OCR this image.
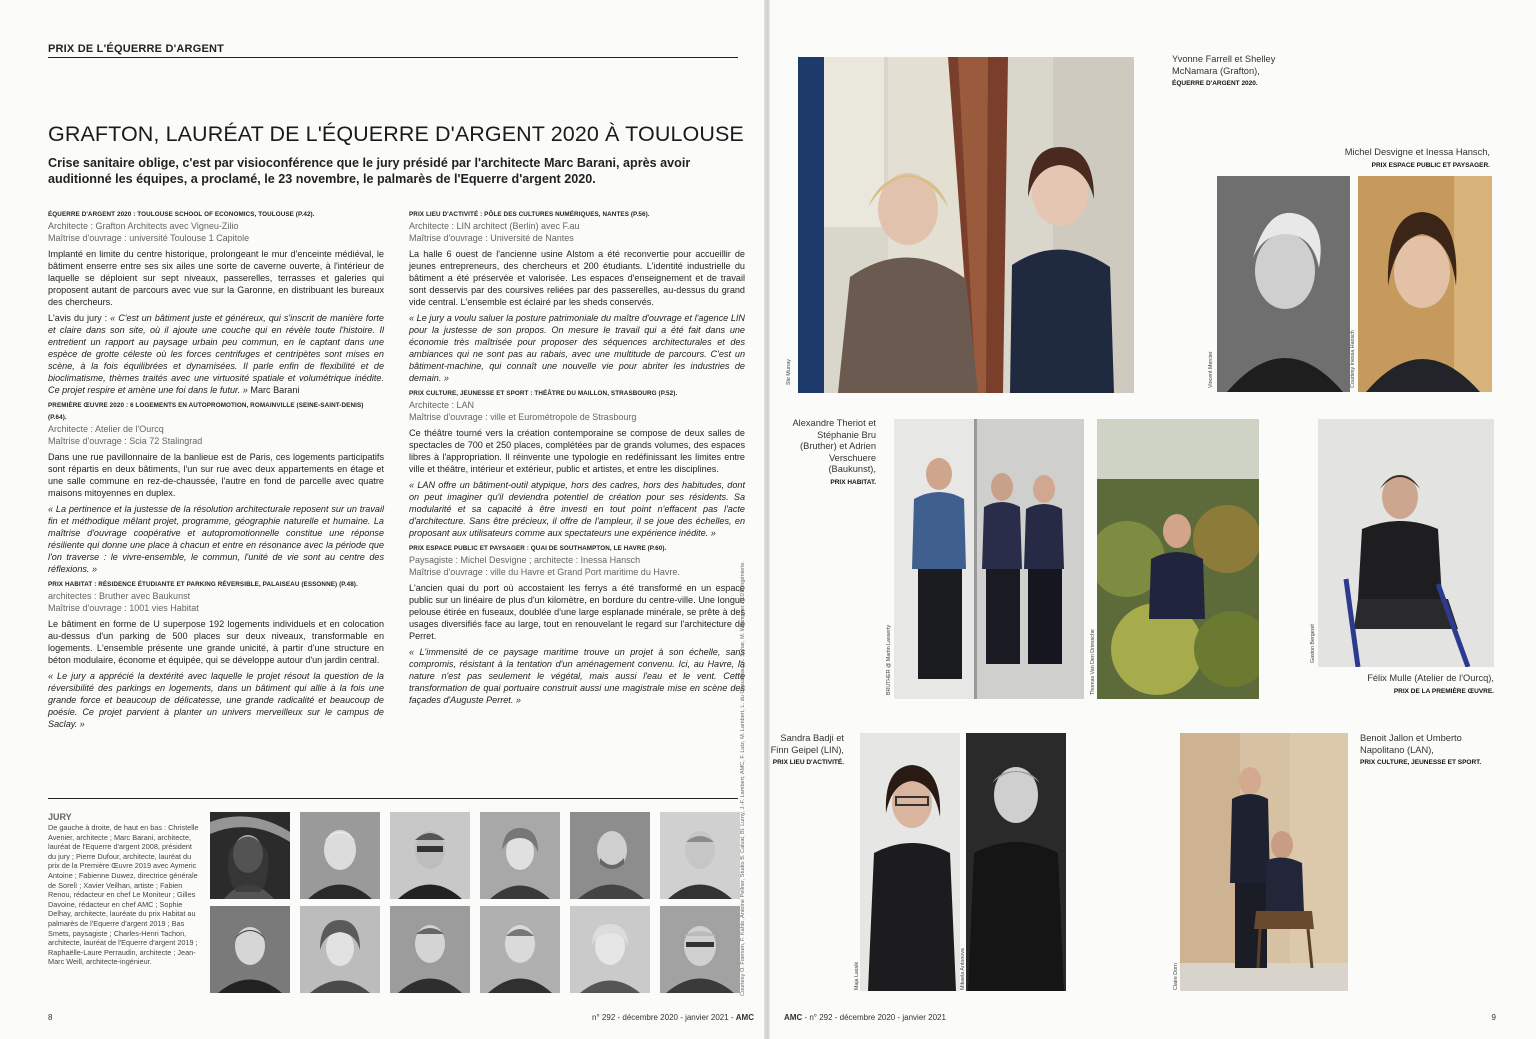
PRIX DE L'ÉQUERRE D'ARGENT
GRAFTON, LAURÉAT DE L'ÉQUERRE D'ARGENT 2020 À TOULOUSE

Crise sanitaire oblige, c'est par visioconférence que le jury présidé par l'architecte Marc Barani, après avoir auditionné les équipes, a proclamé, le 23 novembre, le palmarès de l'Equerre d'argent 2020.

ÉQUERRE D'ARGENT 2020 : TOULOUSE SCHOOL OF ECONOMICS, TOULOUSE (P.42).
Architecte : Grafton Architects avec Vigneu-Zilio
Maîtrise d'ouvrage : université Toulouse 1 Capitole

Implanté en limite du centre historique, prolongeant le mur d'enceinte médiéval, le bâtiment enserre entre ses six ailes une sorte de caverne ouverte, à l'intérieur de laquelle se déploient sur sept niveaux, passerelles, terrasses et galeries qui proposent autant de parcours avec vue sur la Garonne, en distribuant les bureaux des chercheurs.

L'avis du jury : « C'est un bâtiment juste et généreux, qui s'inscrit de manière forte et claire dans son site, où il ajoute une couche qui en révèle toute l'histoire. Il entretient un rapport au paysage urbain peu commun, en le captant dans une espèce de grotte céleste où les forces centrifuges et centripètes sont mises en scène, à la fois équilibrées et dynamisées. Il parle enfin de flexibilité et de bioclimatisme, thèmes traités avec une virtuosité spatiale et volumétrique inédite. Ce projet respire et amène une foi dans le futur. » Marc Barani

PREMIÈRE ŒUVRE 2020 : 6 LOGEMENTS EN AUTOPROMOTION, ROMAINVILLE (SEINE-SAINT-DENIS) (P.64).
Architecte : Atelier de l'Ourcq
Maîtrise d'ouvrage : Scia 72 Stalingrad

Dans une rue pavillonnaire de la banlieue est de Paris, ces logements participatifs sont répartis en deux bâtiments, l'un sur rue avec deux appartements en étage et une salle commune en rez-de-chaussée, l'autre en fond de parcelle avec quatre maisons mitoyennes en duplex.

« La pertinence et la justesse de la résolution architecturale reposent sur un travail fin et méthodique mêlant projet, programme, géographie naturelle et humaine. La maîtrise d'ouvrage coopérative et autopromotionnelle constitue une réponse résiliente qui donne une place à chacun et entre en résonance avec la période que l'on traverse : le vivre-ensemble, le commun, l'unité de vie sont au centre des réflexions. »

PRIX HABITAT : RÉSIDENCE ÉTUDIANTE ET PARKING RÉVERSIBLE, PALAISEAU (ESSONNE) (P.48).
architectes : Bruther avec Baukunst
Maîtrise d'ouvrage : 1001 vies Habitat

Le bâtiment en forme de U superpose 192 logements individuels et en colocation au-dessus d'un parking de 500 places sur deux niveaux, transformable en logements. L'ensemble présente une grande unicité, à partir d'une structure en béton modulaire, économe et équipée, qui se développe autour d'un jardin central.

« Le jury a apprécié la dextérité avec laquelle le projet résout la question de la réversibilité des parkings en logements, dans un bâtiment qui allie à la fois une grande force et beaucoup de délicatesse, une grande radicalité et beaucoup de poésie. Ce projet parvient à planter un univers merveilleux sur le campus de Saclay. »

PRIX LIEU D'ACTIVITÉ : PÔLE DES CULTURES NUMÉRIQUES, NANTES (P.56).
Architecte : LIN architect (Berlin) avec F.au
Maîtrise d'ouvrage : Université de Nantes

La halle 6 ouest de l'ancienne usine Alstom a été reconvertie pour accueillir de jeunes entrepreneurs, des chercheurs et 200 étudiants. L'identité industrielle du bâtiment a été préservée et valorisée. Les espaces d'enseignement et de travail sont desservis par des coursives reliées par des passerelles, au-dessus du grand vide central. L'ensemble est éclairé par les sheds conservés.

« Le jury a voulu saluer la posture patrimoniale du maître d'ouvrage et l'agence LIN pour la justesse de son propos. On mesure le travail qui a été fait dans une économie très maîtrisée pour proposer des séquences architecturales et des ambiances qui ne sont pas au rabais, avec une multitude de parcours. C'est un bâtiment-machine, qui connaît une nouvelle vie pour abriter les industries de demain. »

PRIX CULTURE, JEUNESSE ET SPORT : THÉÂTRE DU MAILLON, STRASBOURG (P.52).
Architecte : LAN
Maîtrise d'ouvrage : ville et Eurométropole de Strasbourg

Ce théâtre tourné vers la création contemporaine se compose de deux salles de spectacles de 700 et 250 places, complétées par de grands volumes, des espaces libres à l'appropriation. Il réinvente une typologie en redéfinissant les limites entre ville et théâtre, intérieur et extérieur, public et artistes, et entre les disciplines.

« LAN offre un bâtiment-outil atypique, hors des cadres, hors des habitudes, dont on peut imaginer qu'il deviendra potentiel de création pour ses résidents. Sa modularité et sa capacité à être investi en tout point n'effacent pas l'acte d'architecture. Sans être précieux, il offre de l'ampleur, il se joue des échelles, en proposant aux utilisateurs comme aux spectateurs une expérience inédite. »

PRIX ESPACE PUBLIC ET PAYSAGER : QUAI DE SOUTHAMPTON, LE HAVRE (P.60).
Paysagiste : Michel Desvigne ; architecte : Inessa Hansch
Maîtrise d'ouvrage : ville du Havre et Grand Port maritime du Havre.

L'ancien quai du port où accostaient les ferrys a été transformé en un espace public sur un linéaire de plus d'un kilomètre, en bordure du centre-ville. Une longue pelouse étirée en fuseaux, doublée d'une large esplanade minérale, se prête à des usages diversifiés face au large, tout en renouvelant le regard sur l'architecture de Perret.

« L'immensité de ce paysage maritime trouve un projet à son échelle, sans compromis, résistant à la tentation d'un aménagement convenu. Ici, au Havre, la nature n'est pas seulement le végétal, mais aussi l'eau et le vent. Cette transformation de quai portuaire construit aussi une magistrale mise en scène des façades d'Auguste Perret. »

JURY

De gauche à droite, de haut en bas : Christelle Avenier, architecte ; Marc Barani, architecte, lauréat de l'Equerre d'argent 2008, président du jury ; Pierre Dufour, architecte, lauréat du prix de la Première Œuvre 2019 avec Aymeric Antoine ; Fabienne Duwez, directrice générale de Sorelì ; Xavier Veilhan, artiste ; Fabien Renou, rédacteur en chef Le Moniteur ; Gilles Davoine, rédacteur en chef AMC ; Sophie Delhay, architecte, lauréate du prix Habitat au palmarès de l'Equerre d'argent 2019 ; Bas Smets, paysagiste ; Charles-Henri Tachon, architecte, lauréat de l'Equerre d'argent 2019 ; Raphaëlle-Laure Perraudin, architecte ; Jean-Marc Weill, architecte-ingénieur.	Courtesy O. Foersen, F. Kahle, Antoine Pellner, Studio B. Calsat, Bl. Lumy, J.-F. Lambert, AMC, F. Lutz, M. Lambert, L. du Chaud'eau, K. Sahar, M. Wrampner / CDE Ingénierie.
8	n° 292 - décembre 2020 - janvier 2021 - AMC
Ste Murray
Yvonne Farrell et Shelley McNamara (Grafton),
ÉQUERRE D'ARGENT 2020.
Michel Desvigne et Inessa Hansch,
PRIX ESPACE PUBLIC ET PAYSAGER.
Vincent Mercier	Courtesy Inessa Hansch
Alexandre Theriot et Stéphanie Bru (Bruther) et Adrien Verschuere (Baukunst),
PRIX HABITAT.
BRUTHER @ Martin Lasserty	Thomas Van Den Driessche	Gaston Bergeret
Félix Mulle (Atelier de l'Ourcq),
PRIX DE LA PREMIÈRE ŒUVRE.
Sandra Badji et Finn Geipel (LIN),
PRIX LIEU D'ACTIVITÉ.
Maja Lassik	Mikaela Antonova	Claire Dorn
Benoit Jallon et Umberto Napolitano (LAN),
PRIX CULTURE, JEUNESSE ET SPORT.
AMC - n° 292 - décembre 2020 - janvier 2021	9
